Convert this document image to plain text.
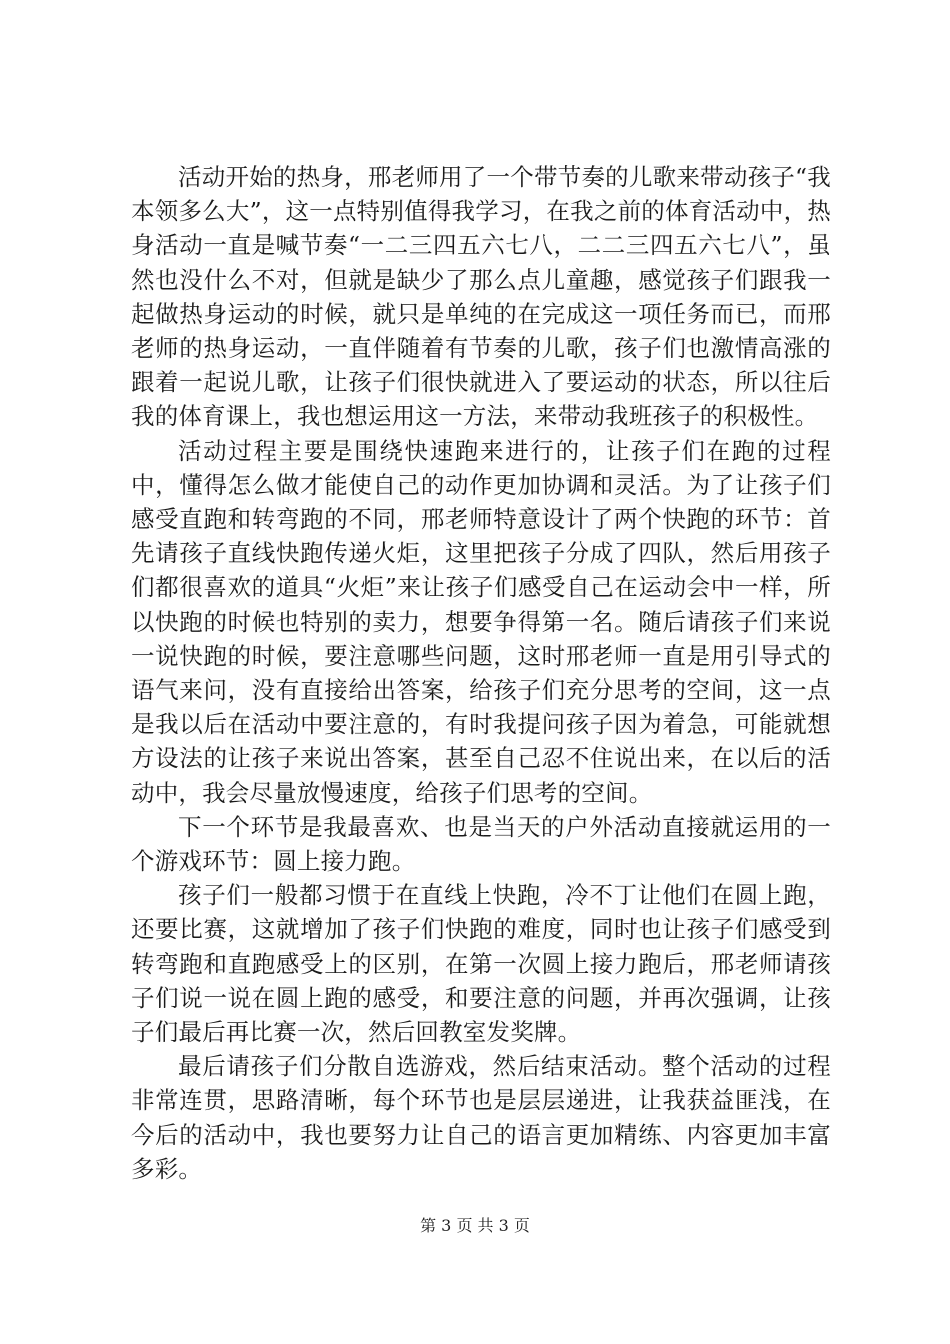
活动开始的热身，邢老师用了一个带节奏的儿歌来带动孩子“我本领多么大”，这一点特别值得我学习，在我之前的体育活动中，热身活动一直是喊节奏“一二三四五六七八，二二三四五六七八”，虽然也没什么不对，但就是缺少了那么点儿童趣，感觉孩子们跟我一起做热身运动的时候，就只是单纯的在完成这一项任务而已，而邢老师的热身运动，一直伴随着有节奏的儿歌，孩子们也激情高涨的跟着一起说儿歌，让孩子们很快就进入了要运动的状态，所以往后我的体育课上，我也想运用这一方法，来带动我班孩子的积极性。

活动过程主要是围绕快速跑来进行的，让孩子们在跑的过程中，懂得怎么做才能使自己的动作更加协调和灵活。为了让孩子们感受直跑和转弯跑的不同，邢老师特意设计了两个快跑的环节：首先请孩子直线快跑传递火炬，这里把孩子分成了四队，然后用孩子们都很喜欢的道具“火炬”来让孩子们感受自己在运动会中一样，所以快跑的时候也特别的卖力，想要争得第一名。随后请孩子们来说一说快跑的时候，要注意哪些问题，这时邢老师一直是用引导式的语气来问，没有直接给出答案，给孩子们充分思考的空间，这一点是我以后在活动中要注意的，有时我提问孩子因为着急，可能就想方设法的让孩子来说出答案，甚至自己忍不住说出来，在以后的活动中，我会尽量放慢速度，给孩子们思考的空间。

下一个环节是我最喜欢、也是当天的户外活动直接就运用的一个游戏环节：圆上接力跑。

孩子们一般都习惯于在直线上快跑，冷不丁让他们在圆上跑，还要比赛，这就增加了孩子们快跑的难度，同时也让孩子们感受到转弯跑和直跑感受上的区别，在第一次圆上接力跑后，邢老师请孩子们说一说在圆上跑的感受，和要注意的问题，并再次强调，让孩子们最后再比赛一次，然后回教室发奖牌。

最后请孩子们分散自选游戏，然后结束活动。整个活动的过程非常连贯，思路清晰，每个环节也是层层递进，让我获益匪浅，在今后的活动中，我也要努力让自己的语言更加精练、内容更加丰富多彩。

第 3 页 共 3 页
